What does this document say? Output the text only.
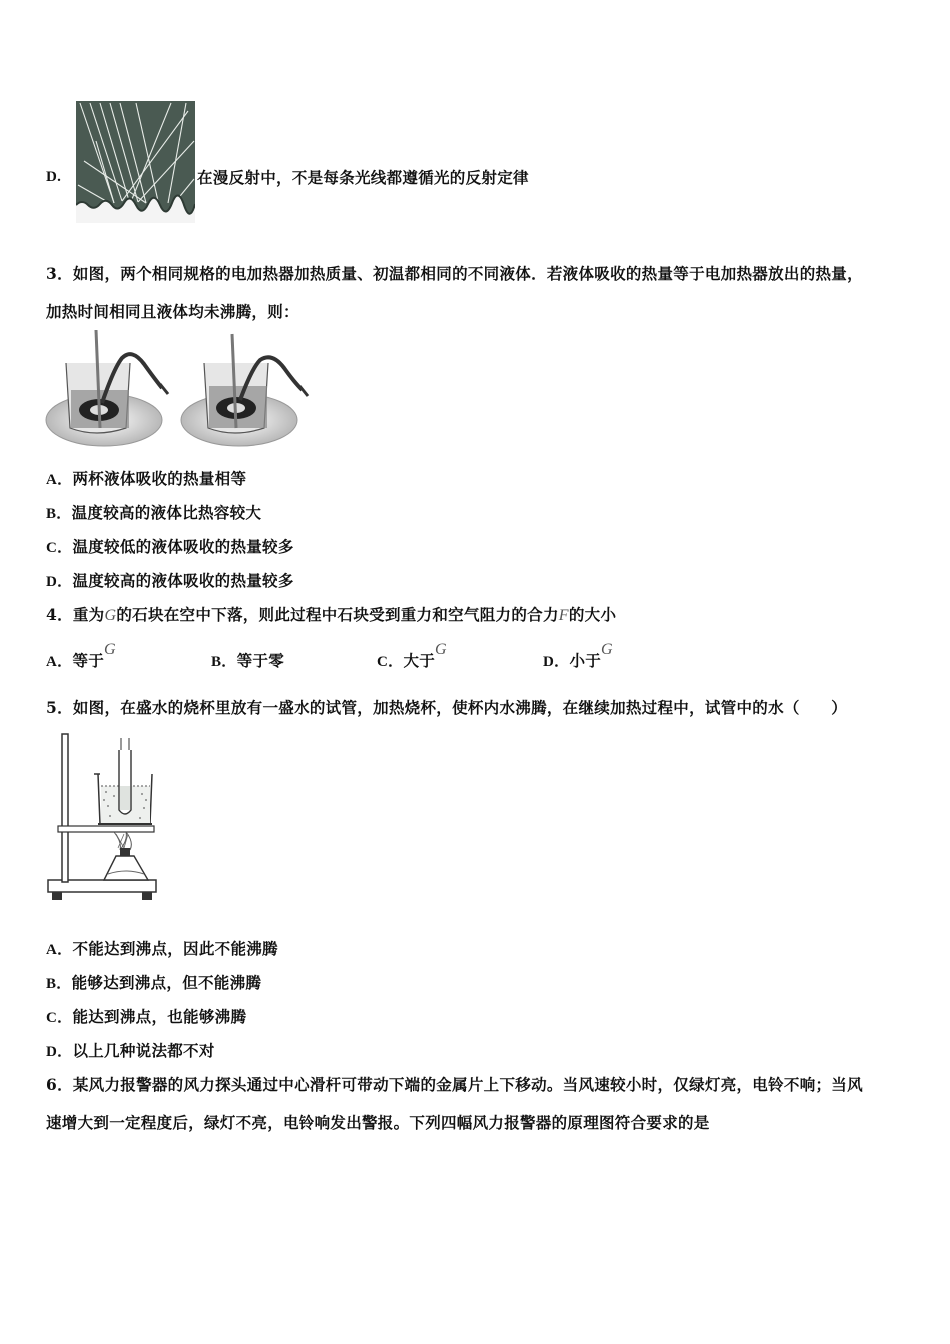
D.	在漫反射中，不是每条光线都遵循光的反射定律
3．如图，两个相同规格的电加热器加热质量、初温都相同的不同液体．若液体吸收的热量等于电加热器放出的热量，
加热时间相同且液体均未沸腾，则：
A．两杯液体吸收的热量相等
B．温度较高的液体比热容较大
C．温度较低的液体吸收的热量较多
D．温度较高的液体吸收的热量较多
4．重为G的石块在空中下落，则此过程中石块受到重力和空气阻力的合力F的大小
A．等于G
B．等于零	C．大于G
D．小于G
5．如图，在盛水的烧杯里放有一盛水的试管，加热烧杯，使杯内水沸腾，在继续加热过程中，试管中的水（　　）
A．不能达到沸点，因此不能沸腾
B．能够达到沸点，但不能沸腾
C．能达到沸点，也能够沸腾
D．以上几种说法都不对
6．某风力报警器的风力探头通过中心滑杆可带动下端的金属片上下移动。当风速较小时，仅绿灯亮，电铃不响；当风
速增大到一定程度后，绿灯不亮，电铃响发出警报。下列四幅风力报警器的原理图符合要求的是
